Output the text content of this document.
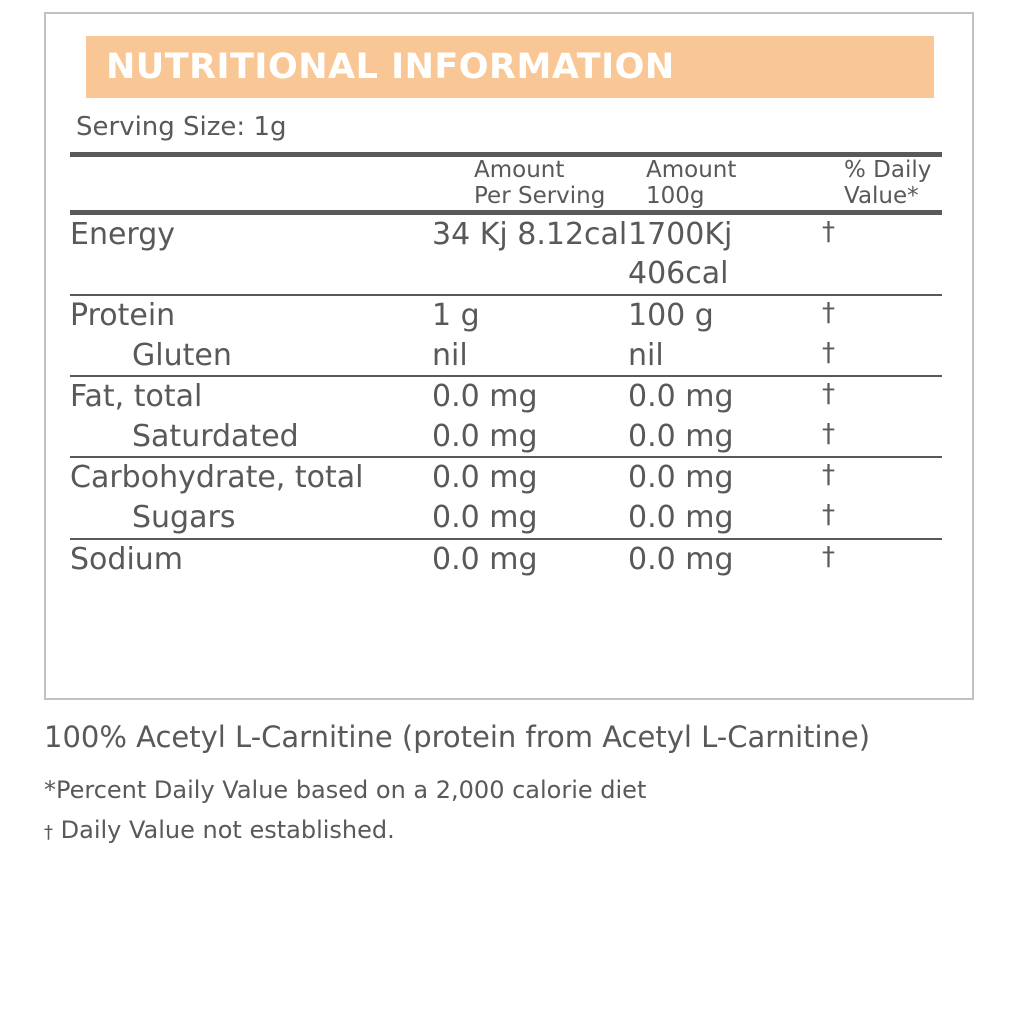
NUTRITIONAL INFORMATION
Serving Size: 1g

Amount
Per Serving

Amount
100g

% Daily
Value*

Energy	34 Kj 8.12cal	1700Kj 406cal	†
Protein	1 g	100 g	†
Gluten	nil	nil	†
Fat, total	0.0 mg	0.0 mg	†
Saturdated	0.0 mg	0.0 mg	†
Carbohydrate, total	0.0 mg	0.0 mg	†
Sugars	0.0 mg	0.0 mg	†
Sodium	0.0 mg	0.0 mg	†
100% Acetyl L-Carnitine (protein from Acetyl L-Carnitine)
*Percent Daily Value based on a 2,000 calorie diet
† Daily Value not established.
